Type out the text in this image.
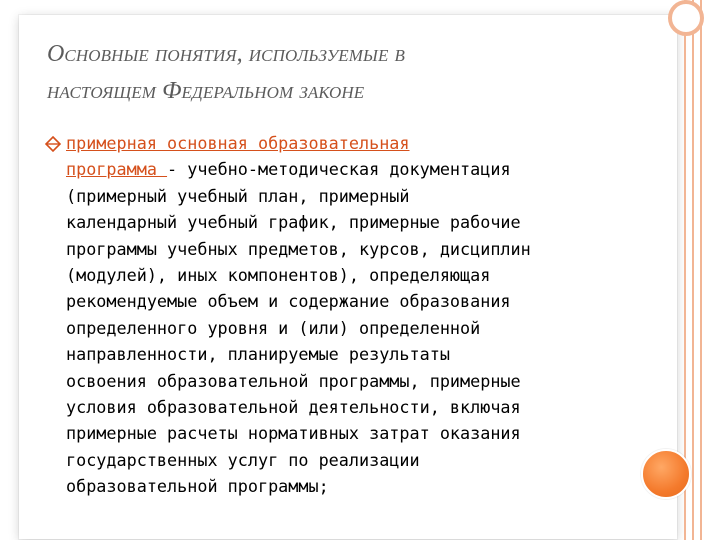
Основные понятия, используемые в
настоящем Федеральном законе
примерная основная образовательная
программа - учебно-методическая документация
(примерный учебный план, примерный
календарный учебный график, примерные рабочие
программы учебных предметов, курсов, дисциплин
(модулей), иных компонентов), определяющая
рекомендуемые объем и содержание образования
определенного уровня и (или) определенной
направленности, планируемые результаты
освоения образовательной программы, примерные
условия образовательной деятельности, включая
примерные расчеты нормативных затрат оказания
государственных услуг по реализации
образовательной программы;
